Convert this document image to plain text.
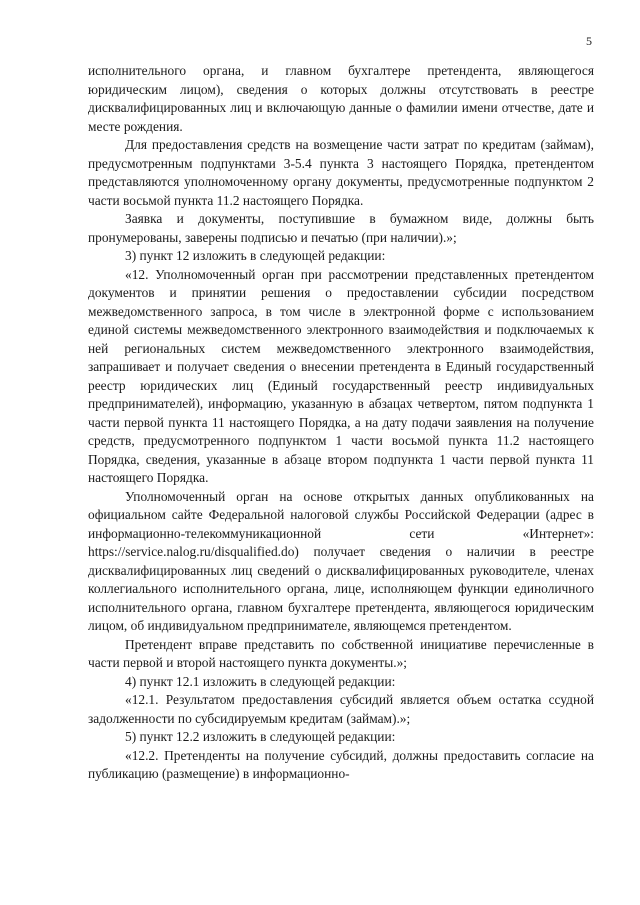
5

исполнительного органа, и главном бухгалтере претендента, являющегося юридическим лицом), сведения о которых должны отсутствовать в реестре дисквалифицированных лиц и включающую данные о фамилии имени отчестве, дате и месте рождения.

Для предоставления средств на возмещение части затрат по кредитам (займам), предусмотренным подпунктами 3-5.4 пункта 3 настоящего Порядка, претендентом представляются уполномоченному органу документы, предусмотренные подпунктом 2 части восьмой пункта 11.2 настоящего Порядка.

Заявка и документы, поступившие в бумажном виде, должны быть пронумерованы, заверены подписью и печатью (при наличии).»;

3) пункт 12 изложить в следующей редакции:

«12. Уполномоченный орган при рассмотрении представленных претендентом документов и принятии решения о предоставлении субсидии посредством межведомственного запроса, в том числе в электронной форме с использованием единой системы межведомственного электронного взаимодействия и подключаемых к ней региональных систем межведомственного электронного взаимодействия, запрашивает и получает сведения о внесении претендента в Единый государственный реестр юридических лиц (Единый государственный реестр индивидуальных предпринимателей), информацию, указанную в абзацах четвертом, пятом подпункта 1 части первой пункта 11 настоящего Порядка, а на дату подачи заявления на получение средств, предусмотренного подпунктом 1 части восьмой пункта 11.2 настоящего Порядка, сведения, указанные в абзаце втором подпункта 1 части первой пункта 11 настоящего Порядка.

Уполномоченный орган на основе открытых данных опубликованных на официальном сайте Федеральной налоговой службы Российской Федерации (адрес в информационно-телекоммуникационной сети «Интернет»: https://service.nalog.ru/disqualified.do) получает сведения о наличии в реестре дисквалифицированных лиц сведений о дисквалифицированных руководителе, членах коллегиального исполнительного органа, лице, исполняющем функции единоличного исполнительного органа, главном бухгалтере претендента, являющегося юридическим лицом, об индивидуальном предпринимателе, являющемся претендентом.

Претендент вправе представить по собственной инициативе перечисленные в части первой и второй настоящего пункта документы.»;

4) пункт 12.1 изложить в следующей редакции:

«12.1. Результатом предоставления субсидий является объем остатка ссудной задолженности по субсидируемым кредитам (займам).»;

5) пункт 12.2 изложить в следующей редакции:

«12.2. Претенденты на получение субсидий, должны предоставить согласие на публикацию (размещение) в информационно-
